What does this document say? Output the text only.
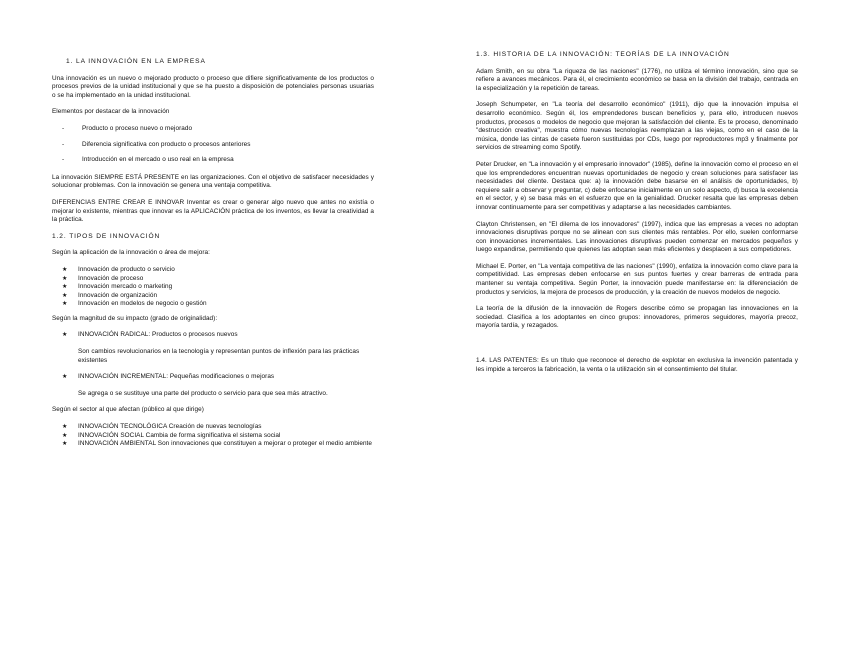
1. LA INNOVACIÓN EN LA EMPRESA

Una innovación es un nuevo o mejorado producto o proceso que difiere significativamente de los productos o procesos previos de la unidad institucional y que se ha puesto a disposición de potenciales personas usuarias o se ha implementado en la unidad institucional.

Elementos por destacar de la innovación

- Producto o proceso nuevo o mejorado
- Diferencia significativa con producto o procesos anteriores
- Introducción en el mercado o uso real en la empresa

La innovación SIEMPRE ESTÁ PRESENTE en las organizaciones. Con el objetivo de satisfacer necesidades y solucionar problemas. Con la innovación se genera una ventaja competitiva.

DIFERENCIAS ENTRE CREAR E INNOVAR Inventar es crear o generar algo nuevo que antes no existía o mejorar lo existente, mientras que innovar es la APLICACIÓN práctica de los inventos, es llevar la creatividad a la práctica.

1.2. TIPOS DE INNOVACIÓN

Según la aplicación de la innovación o área de mejora:

★ Innovación de producto o servicio
★ Innovación de proceso
★ Innovación mercado o marketing
★ Innovación de organización
★ Innovación en modelos de negocio o gestión

Según la magnitud de su impacto (grado de originalidad):

★ INNOVACIÓN RADICAL: Productos o procesos nuevos

Son cambios revolucionarios en la tecnología y representan puntos de inflexión para las prácticas existentes

★ INNOVACIÓN INCREMENTAL: Pequeñas modificaciones o mejoras

Se agrega o se sustituye una parte del producto o servicio para que sea más atractivo.

Según el sector al que afectan (público al que dirige)

★ INNOVACIÓN TECNOLÓGICA Creación de nuevas tecnologías
★ INNOVACIÓN SOCIAL Cambia de forma significativa el sistema social
★ INNOVACIÓN AMBIENTAL Son innovaciones que constituyen a mejorar o proteger el medio ambiente

1.3. HISTORIA DE LA INNOVACIÓN: TEORÍAS DE LA INNOVACIÓN

Adam Smith, en su obra "La riqueza de las naciones" (1776), no utiliza el término innovación, sino que se refiere a avances mecánicos. Para él, el crecimiento económico se basa en la división del trabajo, centrada en la especialización y la repetición de tareas.

Joseph Schumpeter, en "La teoría del desarrollo económico" (1911), dijo que la innovación impulsa el desarrollo económico. Según él, los emprendedores buscan beneficios y, para ello, introducen nuevos productos, procesos o modelos de negocio que mejoran la satisfacción del cliente. Es te proceso, denominado "destrucción creativa", muestra cómo nuevas tecnologías reemplazan a las viejas, como en el caso de la música, donde las cintas de casete fueron sustituidas por CDs, luego por reproductores mp3 y finalmente por servicios de streaming como Spotify.

Peter Drucker, en "La innovación y el empresario innovador" (1985), define la innovación como el proceso en el que los emprendedores encuentran nuevas oportunidades de negocio y crean soluciones para satisfacer las necesidades del cliente. Destaca que: a) la innovación debe basarse en el análisis de oportunidades, b) requiere salir a observar y preguntar, c) debe enfocarse inicialmente en un solo aspecto, d) busca la excelencia en el sector, y e) se basa más en el esfuerzo que en la genialidad. Drucker resalta que las empresas deben innovar continuamente para ser competitivas y adaptarse a las necesidades cambiantes.

Clayton Christensen, en "El dilema de los innovadores" (1997), indica que las empresas a veces no adoptan innovaciones disruptivas porque no se alinean con sus clientes más rentables. Por ello, suelen conformarse con innovaciones incrementales. Las innovaciones disruptivas pueden comenzar en mercados pequeños y luego expandirse, permitiendo que quienes las adoptan sean más eficientes y desplacen a sus competidores.

Michael E. Porter, en "La ventaja competitiva de las naciones" (1990), enfatiza la innovación como clave para la competitividad. Las empresas deben enfocarse en sus puntos fuertes y crear barreras de entrada para mantener su ventaja competitiva. Según Porter, la innovación puede manifestarse en: la diferenciación de productos y servicios, la mejora de procesos de producción, y la creación de nuevos modelos de negocio.

La teoría de la difusión de la innovación de Rogers describe cómo se propagan las innovaciones en la sociedad. Clasifica a los adoptantes en cinco grupos: innovadores, primeros seguidores, mayoría precoz, mayoría tardía, y rezagados.

1.4. LAS PATENTES: Es un título que reconoce el derecho de explotar en exclusiva la invención patentada y les impide a terceros la fabricación, la venta o la utilización sin el consentimiento del titular.
